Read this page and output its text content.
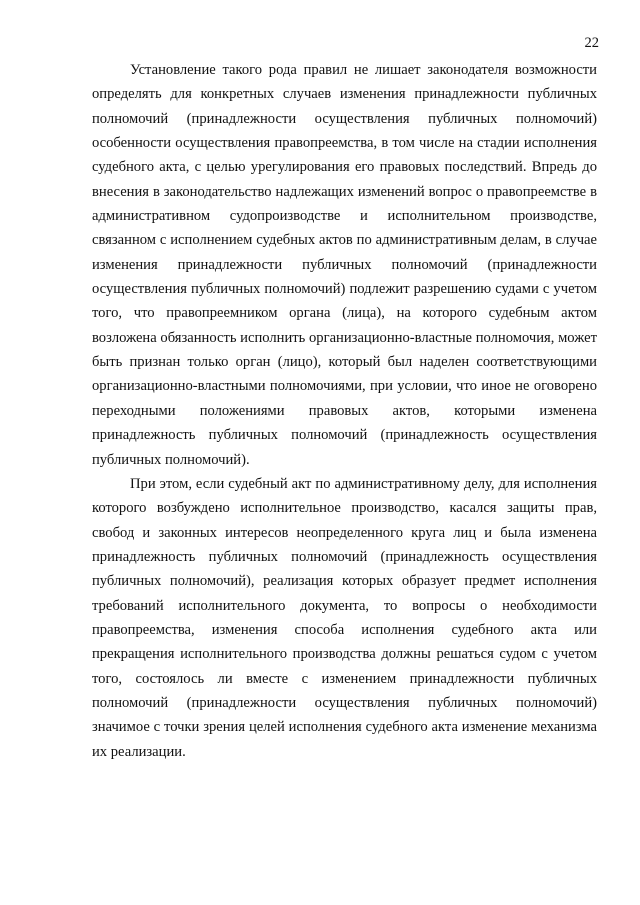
22

Установление такого рода правил не лишает законодателя возможности определять для конкретных случаев изменения принадлежности публичных полномочий (принадлежности осуществления публичных полномочий) особенности осуществления правопреемства, в том числе на стадии исполнения судебного акта, с целью урегулирования его правовых последствий. Впредь до внесения в законодательство надлежащих изменений вопрос о правопреемстве в административном судопроизводстве и исполнительном производстве, связанном с исполнением судебных актов по административным делам, в случае изменения принадлежности публичных полномочий (принадлежности осуществления публичных полномочий) подлежит разрешению судами с учетом того, что правопреемником органа (лица), на которого судебным актом возложена обязанность исполнить организационно-властные полномочия, может быть признан только орган (лицо), который был наделен соответствующими организационно-властными полномочиями, при условии, что иное не оговорено переходными положениями правовых актов, которыми изменена принадлежность публичных полномочий (принадлежность осуществления публичных полномочий).

При этом, если судебный акт по административному делу, для исполнения которого возбуждено исполнительное производство, касался защиты прав, свобод и законных интересов неопределенного круга лиц и была изменена принадлежность публичных полномочий (принадлежность осуществления публичных полномочий), реализация которых образует предмет исполнения требований исполнительного документа, то вопросы о необходимости правопреемства, изменения способа исполнения судебного акта или прекращения исполнительного производства должны решаться судом с учетом того, состоялось ли вместе с изменением принадлежности публичных полномочий (принадлежности осуществления публичных полномочий) значимое с точки зрения целей исполнения судебного акта изменение механизма их реализации.
